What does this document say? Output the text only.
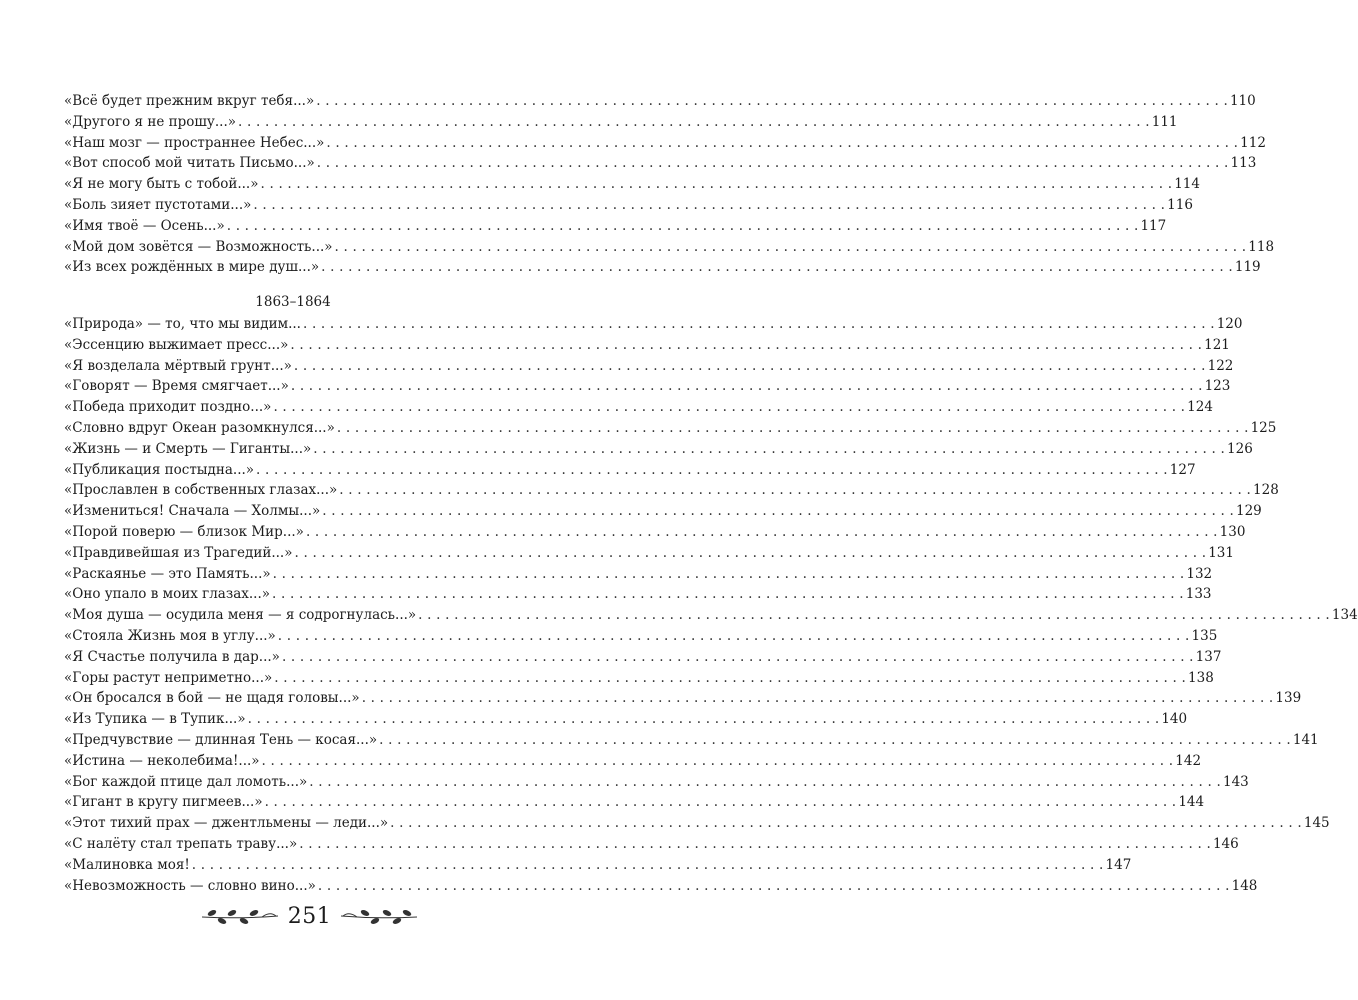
«Всё будет прежним вкруг тебя...» . . .	110
«Другого я не прошу...» . . .	111
«Наш мозг — пространнее Небес...» . . .	112
«Вот способ мой читать Письмо...» . . .	113
«Я не могу быть с тобой...» . . .	114
«Боль зияет пустотами...» . . .	116
«Имя твоё — Осень...» . . .	117
«Мой дом зовётся — Возможность...» . . .	118
«Из всех рождённых в мире душ...» . . .	119
1863–1864
«Природа» — то, что мы видим... . . .	120
«Эссенцию выжимает пресс...» . . .	121
«Я возделала мёртвый грунт...» . . .	122
«Говорят — Время смягчает...» . . .	123
«Победа приходит поздно...» . . .	124
«Словно вдруг Океан разомкнулся...» . . .	125
«Жизнь — и Смерть — Гиганты...» . . .	126
«Публикация постыдна...» . . .	127
«Прославлен в собственных глазах...» . . .	128
«Измениться! Сначала — Холмы...» . . .	129
«Порой поверю — близок Мир...» . . .	130
«Правдивейшая из Трагедий...» . . .	131
«Раскаянье — это Память...» . . .	132
«Оно упало в моих глазах...» . . .	133
«Моя душа — осудила меня — я содрогнулась...» . . .	134
«Стояла Жизнь моя в углу...» . . .	135
«Я Счастье получила в дар...» . . .	137
«Горы растут неприметно...» . . .	138
«Он бросался в бой — не щадя головы...» . . .	139
«Из Тупика — в Тупик...» . . .	140
«Предчувствие — длинная Тень — косая...» . . .	141
«Истина — неколебима!...» . . .	142
«Бог каждой птице дал ломоть...» . . .	143
«Гигант в кругу пигмеев...» . . .	144
«Этот тихий прах — джентльмены — леди...» . . .	145
«С налёту стал трепать траву...» . . .	146
«Малиновка моя! . . .	147
«Невозможность — словно вино...» . . .	148
251
